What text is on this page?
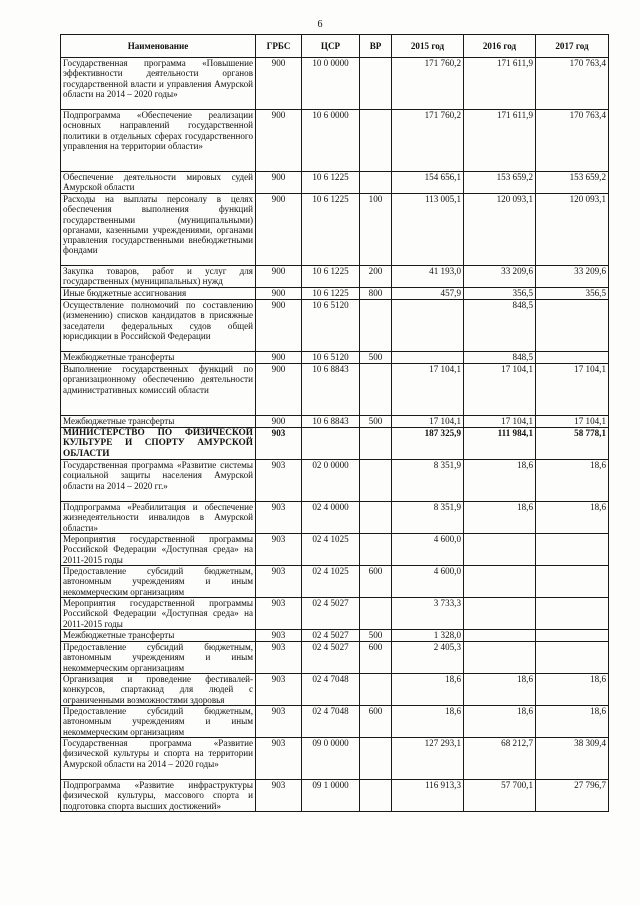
6
Наименование	ГРБС	ЦСР	ВР	2015 год	2016 год	2017 год
Государственная программа «Повышение эффективности деятельности органов государственной власти и управления Амурской области на 2014 – 2020 годы»	900	10 0 0000		171 760,2	171 611,9	170 763,4
Подпрограмма «Обеспечение реализации основных направлений государственной политики в отдельных сферах государственного управления на территории области»	900	10 6 0000		171 760,2	171 611,9	170 763,4
Обеспечение деятельности мировых судей Амурской области	900	10 6 1225		154 656,1	153 659,2	153 659,2
Расходы на выплаты персоналу в целях обеспечения выполнения функций государственными (муниципальными) органами, казенными учреждениями, органами управления государственными внебюджетными фондами	900	10 6 1225	100	113 005,1	120 093,1	120 093,1
Закупка товаров, работ и услуг для государственных (муниципальных) нужд	900	10 6 1225	200	41 193,0	33 209,6	33 209,6
Иные бюджетные ассигнования	900	10 6 1225	800	457,9	356,5	356,5
Осуществление полномочий по составлению (изменению) списков кандидатов в присяжные заседатели федеральных судов общей юрисдикции в Российской Федерации	900	10 6 5120			848,5	
Межбюджетные трансферты	900	10 6 5120	500		848,5	
Выполнение государственных функций по организационному обеспечению деятельности административных комиссий области	900	10 6 8843		17 104,1	17 104,1	17 104,1
Межбюджетные трансферты	900	10 6 8843	500	17 104,1	17 104,1	17 104,1
МИНИСТЕРСТВО ПО ФИЗИЧЕСКОЙ КУЛЬТУРЕ И СПОРТУ АМУРСКОЙ ОБЛАСТИ	903			187 325,9	111 984,1	58 778,1
Государственная программа «Развитие системы социальной защиты населения Амурской области на 2014 – 2020 гг.»	903	02 0 0000		8 351,9	18,6	18,6
Подпрограмма «Реабилитация и обеспечение жизнедеятельности инвалидов в Амурской области»	903	02 4 0000		8 351,9	18,6	18,6
Мероприятия государственной программы Российской Федерации «Доступная среда» на 2011-2015 годы	903	02 4 1025		4 600,0		
Предоставление субсидий бюджетным, автономным учреждениям и иным некоммерческим организациям	903	02 4 1025	600	4 600,0		
Мероприятия государственной программы Российской Федерации «Доступная среда» на 2011-2015 годы	903	02 4 5027		3 733,3		
Межбюджетные трансферты	903	02 4 5027	500	1 328,0		
Предоставление субсидий бюджетным, автономным учреждениям и иным некоммерческим организациям	903	02 4 5027	600	2 405,3		
Организация и проведение фестивалей-конкурсов, спартакиад для людей с ограниченными возможностями здоровья	903	02 4 7048		18,6	18,6	18,6
Предоставление субсидий бюджетным, автономным учреждениям и иным некоммерческим организациям	903	02 4 7048	600	18,6	18,6	18,6
Государственная программа «Развитие физической культуры и спорта на территории Амурской области на 2014 – 2020 годы»	903	09 0 0000		127 293,1	68 212,7	38 309,4
Подпрограмма «Развитие инфраструктуры физической культуры, массового спорта и подготовка спорта высших достижений»	903	09 1 0000		116 913,3	57 700,1	27 796,7
